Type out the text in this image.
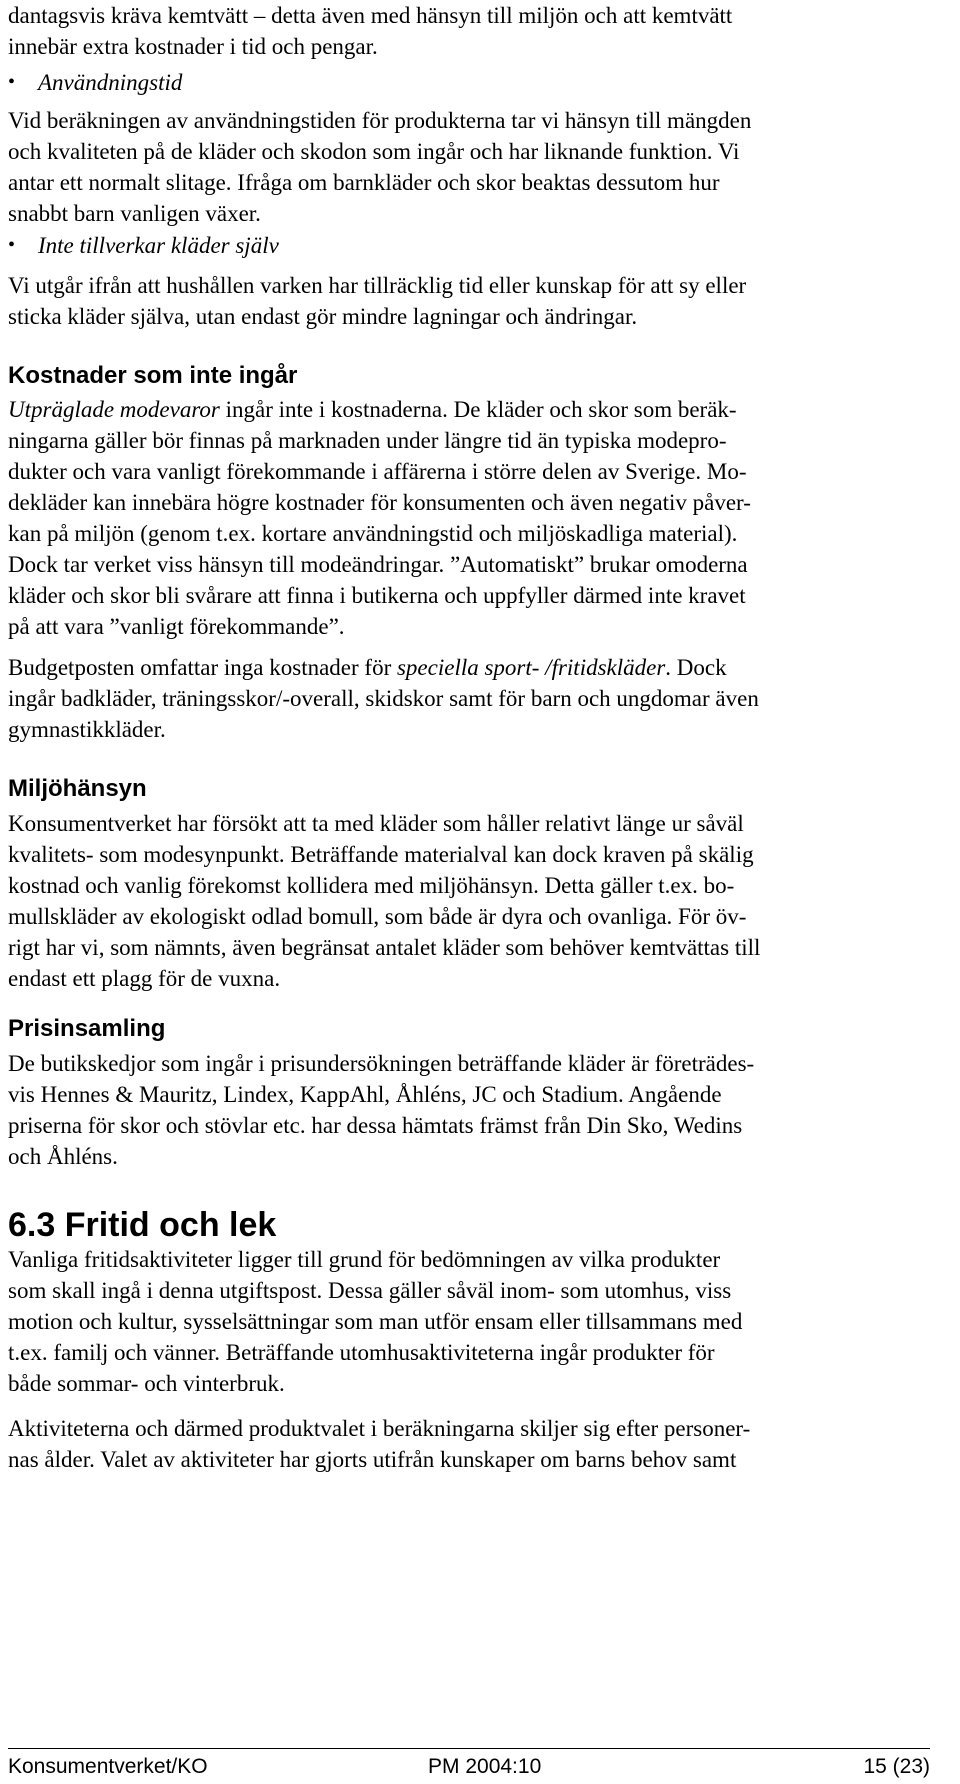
dantagsvis kräva kemtvätt – detta även med hänsyn till miljön och att kemtvätt
innebär extra kostnader i tid och pengar.

• Användningstid

Vid beräkningen av användningstiden för produkterna tar vi hänsyn till mängden
och kvaliteten på de kläder och skodon som ingår och har liknande funktion. Vi
antar ett normalt slitage. Ifråga om barnkläder och skor beaktas dessutom hur
snabbt barn vanligen växer.

• Inte tillverkar kläder själv

Vi utgår ifrån att hushållen varken har tillräcklig tid eller kunskap för att sy eller
sticka kläder själva, utan endast gör mindre lagningar och ändringar.

Kostnader som inte ingår

Utpräglade modevaror ingår inte i kostnaderna. De kläder och skor som beräk-
ningarna gäller bör finnas på marknaden under längre tid än typiska modepro-
dukter och vara vanligt förekommande i affärerna i större delen av Sverige. Mo-
dekläder kan innebära högre kostnader för konsumenten och även negativ påver-
kan på miljön (genom t.ex. kortare användningstid och miljöskadliga material).
Dock tar verket viss hänsyn till modeändringar. ”Automatiskt” brukar omoderna
kläder och skor bli svårare att finna i butikerna och uppfyller därmed inte kravet
på att vara ”vanligt förekommande”.

Budgetposten omfattar inga kostnader för speciella sport- /fritidskläder. Dock
ingår badkläder, träningsskor/-overall, skidskor samt för barn och ungdomar även
gymnastikkläder.

Miljöhänsyn

Konsumentverket har försökt att ta med kläder som håller relativt länge ur såväl
kvalitets- som modesynpunkt. Beträffande materialval kan dock kraven på skälig
kostnad och vanlig förekomst kollidera med miljöhänsyn. Detta gäller t.ex. bo-
mullskläder av ekologiskt odlad bomull, som både är dyra och ovanliga. För öv-
rigt har vi, som nämnts, även begränsat antalet kläder som behöver kemtvättas till
endast ett plagg för de vuxna.

Prisinsamling

De butikskedjor som ingår i prisundersökningen beträffande kläder är företrädes-
vis Hennes & Mauritz, Lindex, KappAhl, Åhléns, JC och Stadium. Angående
priserna för skor och stövlar etc. har dessa hämtats främst från Din Sko, Wedins
och Åhléns.

6.3 Fritid och lek

Vanliga fritidsaktiviteter ligger till grund för bedömningen av vilka produkter
som skall ingå i denna utgiftspost. Dessa gäller såväl inom- som utomhus, viss
motion och kultur, sysselsättningar som man utför ensam eller tillsammans med
t.ex. familj och vänner. Beträffande utomhusaktiviteterna ingår produkter för
både sommar- och vinterbruk.

Aktiviteterna och därmed produktvalet i beräkningarna skiljer sig efter personer-
nas ålder. Valet av aktiviteter har gjorts utifrån kunskaper om barns behov samt

Konsumentverket/KO	PM 2004:10	15 (23)
